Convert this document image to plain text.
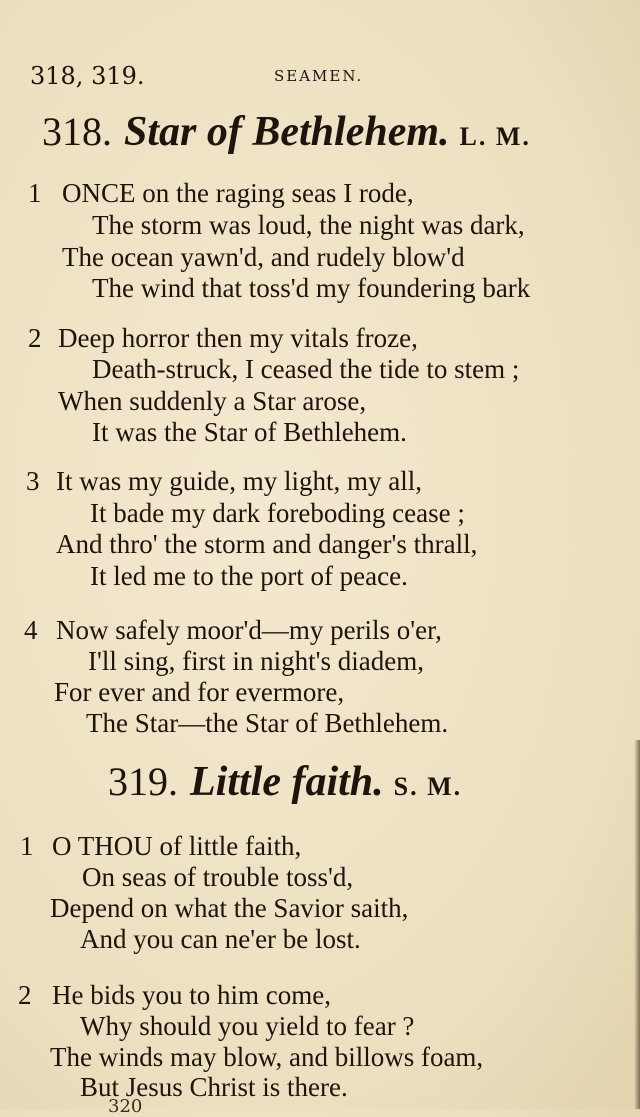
318, 319.	SEAMEN.
318. Star of Bethlehem. L. M.
1 ONCE on the raging seas I rode,
The storm was loud, the night was dark,
The ocean yawn'd, and rudely blow'd
The wind that toss'd my foundering bark
2 Deep horror then my vitals froze,
Death-struck, I ceased the tide to stem ;
When suddenly a Star arose,
It was the Star of Bethlehem.
3 It was my guide, my light, my all,
It bade my dark foreboding cease ;
And thro' the storm and danger's thrall,
It led me to the port of peace.
4 Now safely moor'd—my perils o'er,
I'll sing, first in night's diadem,
For ever and for evermore,
The Star—the Star of Bethlehem.
319. Little faith. S. M.
1 O THOU of little faith,
On seas of trouble toss'd,
Depend on what the Savior saith,
And you can ne'er be lost.
2 He bids you to him come,
Why should you yield to fear ?
The winds may blow, and billows foam,
But Jesus Christ is there.
320
